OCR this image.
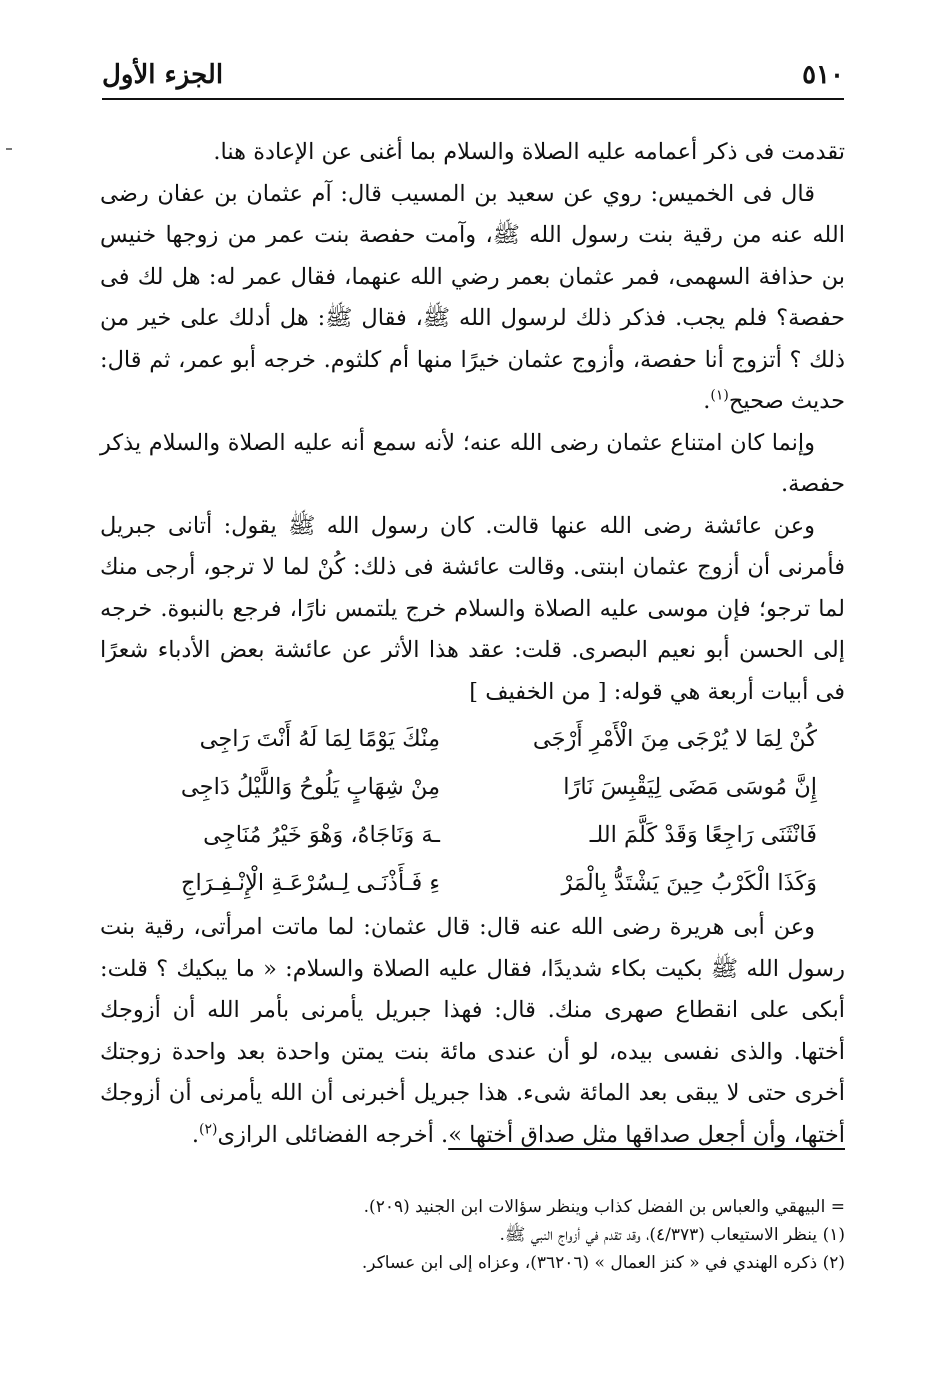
٥١٠
الجزء الأول

تقدمت فى ذكر أعمامه عليه الصلاة والسلام بما أغنى عن الإعادة هنا.

قال فى الخميس: روي عن سعيد بن المسيب قال: آم عثمان بن عفان رضى الله عنه من رقية بنت رسول الله ﷺ، وآمت حفصة بنت عمر من زوجها خنيس بن حذافة السهمى، فمر عثمان بعمر رضي الله عنهما، فقال عمر له: هل لك فى حفصة؟ فلم يجب. فذكر ذلك لرسول الله ﷺ، فقال ﷺ: هل أدلك على خير من ذلك ؟ أتزوج أنا حفصة، وأزوج عثمان خيرًا منها أم كلثوم. خرجه أبو عمر، ثم قال: حديث صحيح$^{(١)}$.

وإنما كان امتناع عثمان رضى الله عنه؛ لأنه سمع أنه عليه الصلاة والسلام يذكر حفصة.

وعن عائشة رضى الله عنها قالت. كان رسول الله ﷺ يقول: أتانى جبريل فأمرنى أن أزوج عثمان ابنتى. وقالت عائشة فى ذلك: كُنْ لما لا ترجو، أرجى منك لما ترجو؛ فإن موسى عليه الصلاة والسلام خرج يلتمس نارًا، فرجع بالنبوة. خرجه إلى الحسن أبو نعيم البصرى. قلت: عقد هذا الأثر عن عائشة بعض الأدباء شعرًا فى أبيات أربعة هي قوله: [ من الخفيف ]

كُنْ لِمَا لا يُرْجَى مِنَ الْأَمْرِ أَرْجَى
مِنْكَ يَوْمًا لِمَا لَهُ أَنْتَ رَاجِى
إِنَّ مُوسَى مَضَى لِيَقْبِسَ نَارًا
مِنْ شِهَابٍ يَلُوحُ وَاللَّيْلُ دَاجِى
فَانْثَنَى رَاجِعًا وَقَدْ كَلَّمَ اللـ
ـهَ وَنَاجَاهُ، وَهْوَ خَيْرُ مُنَاجِى
وَكَذَا الْكَرْبُ حِينَ يَشْتَدُّ بِالْمَرْ
ءِ فَـأَذْنَـى لِـسُرْعَـةِ الْإِنْـفِـرَاجِ

وعن أبى هريرة رضى الله عنه قال: قال عثمان: لما ماتت امرأتى، رقية بنت رسول الله ﷺ بكيت بكاء شديدًا، فقال عليه الصلاة والسلام: « ما يبكيك ؟ قلت: أبكى على انقطاع صهرى منك. قال: فهذا جبريل يأمرنى بأمر الله أن أزوجك أختها. والذى نفسى بيده، لو أن عندى مائة بنت يمتن واحدة بعد واحدة زوجتك أخرى حتى لا يبقى بعد المائة شىء. هذا جبريل أخبرنى أن الله يأمرنى أن أزوجك أختها، وأن أجعل صداقها مثل صداق أختها ». أخرجه الفضائلى الرازى$^{(٢)}$.

= البيهقي والعباس بن الفضل كذاب وينظر سؤالات ابن الجنيد (٢٠٩).
(١) ينظر الاستيعاب (٤/٣٧٣)، وقد تقدم في أزواج النبي ﷺ.
(٢) ذكره الهندي في « كنز العمال » (٣٦٢٠٦)، وعزاه إلى ابن عساكر.
